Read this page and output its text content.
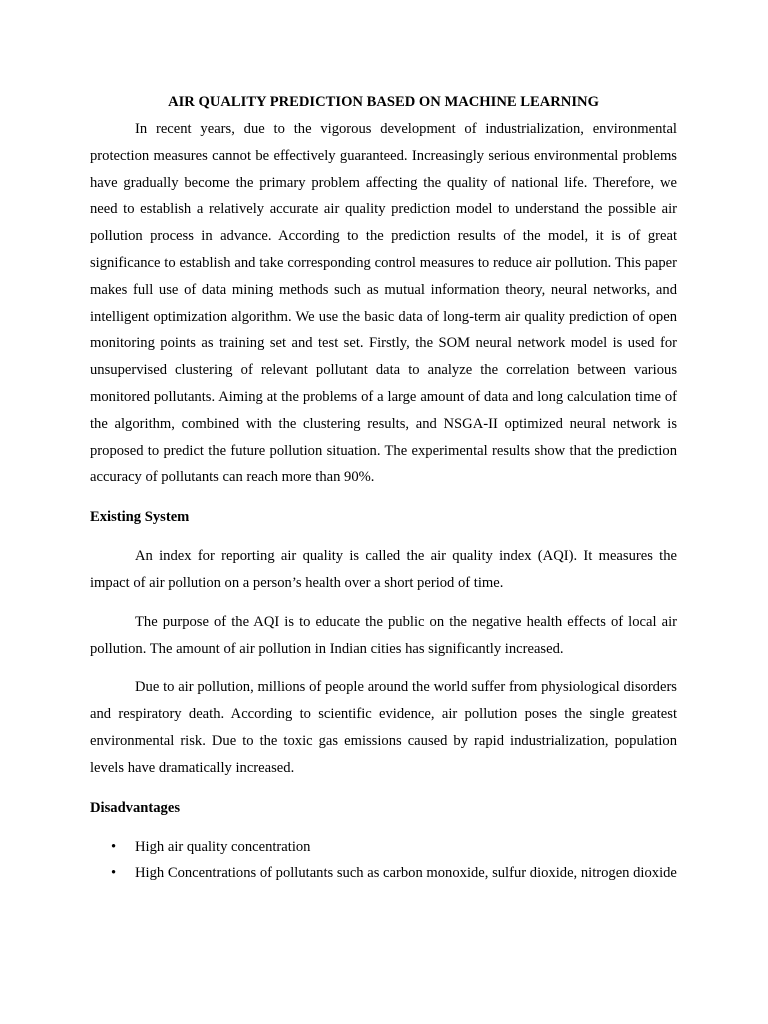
AIR QUALITY PREDICTION BASED ON MACHINE LEARNING

In recent years, due to the vigorous development of industrialization, environmental protection measures cannot be effectively guaranteed. Increasingly serious environmental problems have gradually become the primary problem affecting the quality of national life. Therefore, we need to establish a relatively accurate air quality prediction model to understand the possible air pollution process in advance. According to the prediction results of the model, it is of great significance to establish and take corresponding control measures to reduce air pollution. This paper makes full use of data mining methods such as mutual information theory, neural networks, and intelligent optimization algorithm. We use the basic data of long-term air quality prediction of open monitoring points as training set and test set. Firstly, the SOM neural network model is used for unsupervised clustering of relevant pollutant data to analyze the correlation between various monitored pollutants. Aiming at the problems of a large amount of data and long calculation time of the algorithm, combined with the clustering results, and NSGA-II optimized neural network is proposed to predict the future pollution situation. The experimental results show that the prediction accuracy of pollutants can reach more than 90%.

Existing System

An index for reporting air quality is called the air quality index (AQI). It measures the impact of air pollution on a person’s health over a short period of time.

The purpose of the AQI is to educate the public on the negative health effects of local air pollution. The amount of air pollution in Indian cities has significantly increased.

Due to air pollution, millions of people around the world suffer from physiological disorders and respiratory death. According to scientific evidence, air pollution poses the single greatest environmental risk. Due to the toxic gas emissions caused by rapid industrialization, population levels have dramatically increased.

Disadvantages
• High air quality concentration
• High Concentrations of pollutants such as carbon monoxide, sulfur dioxide, nitrogen dioxide
